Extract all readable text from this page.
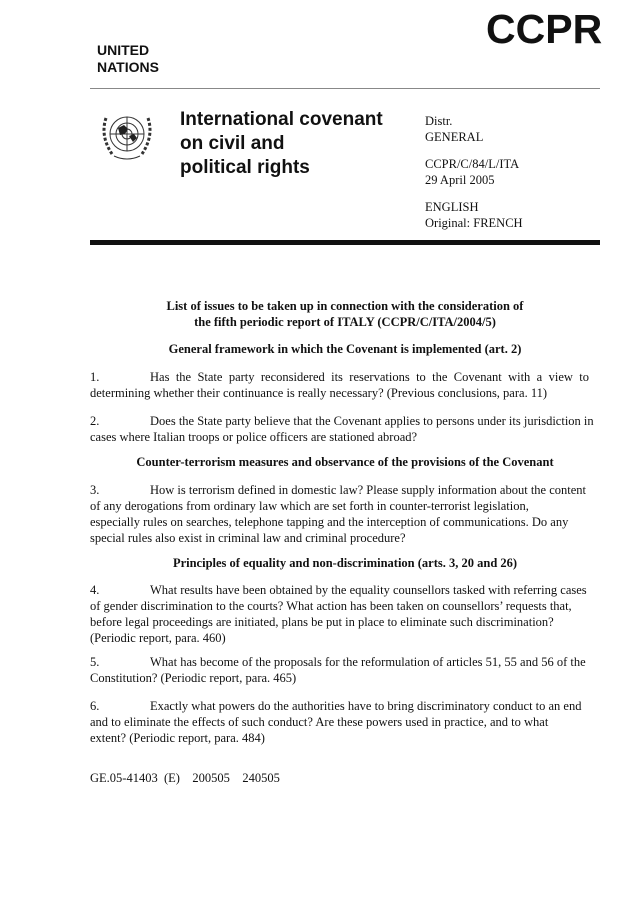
UNITED
NATIONS
CCPR
International covenant
on civil and
political rights
Distr.
GENERAL
CCPR/C/84/L/ITA
29 April 2005
ENGLISH
Original: FRENCH
List of issues to be taken up in connection with the consideration of
the fifth periodic report of ITALY (CCPR/C/ITA/2004/5)
General framework in which the Covenant is implemented (art. 2)
1.	Has the State party reconsidered its reservations to the Covenant with a view to
determining whether their continuance is really necessary? (Previous conclusions, para. 11)
2.	Does the State party believe that the Covenant applies to persons under its jurisdiction in
cases where Italian troops or police officers are stationed abroad?
Counter-terrorism measures and observance of the provisions of the Covenant
3.	How is terrorism defined in domestic law? Please supply information about the content
of any derogations from ordinary law which are set forth in counter-terrorist legislation,
especially rules on searches, telephone tapping and the interception of communications. Do any
special rules also exist in criminal law and criminal procedure?
Principles of equality and non-discrimination (arts. 3, 20 and 26)
4.	What results have been obtained by the equality counsellors tasked with referring cases
of gender discrimination to the courts? What action has been taken on counsellors’ requests that,
before legal proceedings are initiated, plans be put in place to eliminate such discrimination?
(Periodic report, para. 460)
5.	What has become of the proposals for the reformulation of articles 51, 55 and 56 of the
Constitution? (Periodic report, para. 465)
6.	Exactly what powers do the authorities have to bring discriminatory conduct to an end
and to eliminate the effects of such conduct? Are these powers used in practice, and to what
extent? (Periodic report, para. 484)
GE.05-41403  (E)    200505    240505
